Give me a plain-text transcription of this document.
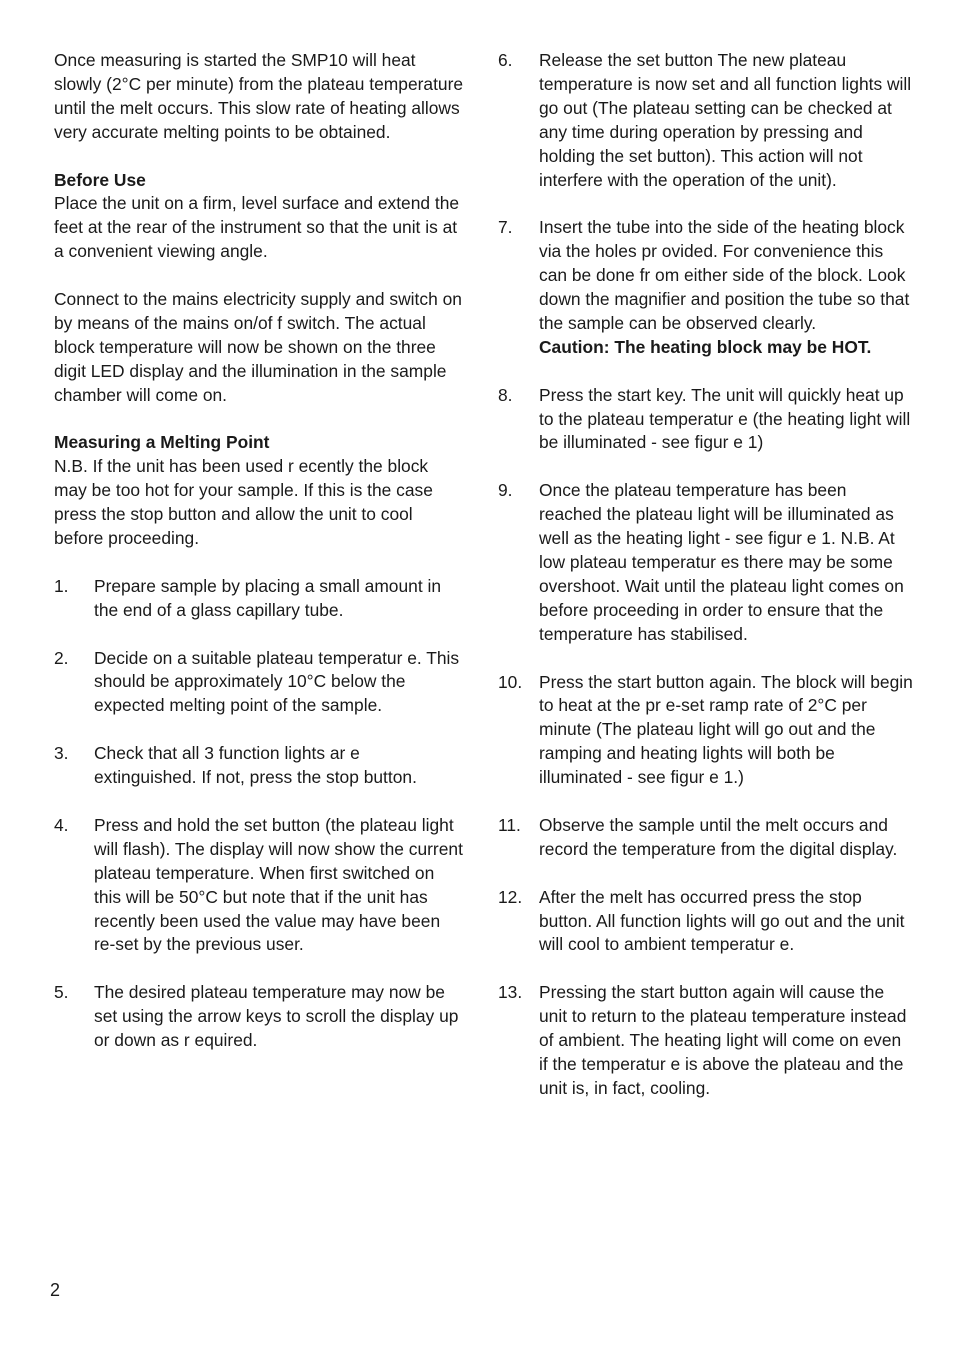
Once measuring is started the SMP10 will heat slowly (2°C per minute) from the plateau temperature until the melt occurs. This slow rate of heating allows very accurate melting points to be obtained.

Before Use

Place the unit on a firm, level surface and extend the feet at the rear of the instrument so that the unit is at a convenient viewing angle.

Connect to the mains electricity supply and switch on by means of the mains on/of f switch. The actual block temperature will now be shown on the three digit LED display and the illumination in the sample chamber will come on.

Measuring a Melting Point

N.B. If the unit has been used r ecently the block may be too hot for your sample. If this is the case press the stop button and allow the unit to cool before proceeding.

1.	Prepare sample by placing a small amount in the end of a glass capillary tube.
2.	Decide on a suitable plateau temperatur e. This should be approximately 10°C below the expected melting point of the sample.
3.	Check that all 3 function lights ar e extinguished. If not, press the stop button.
4.	Press and hold the set button (the plateau light will flash). The display will now show the current plateau temperature. When first switched on this will be 50°C but note that if the unit has recently been used the value may have been re-set by the previous user.
5.	The desired plateau temperature may now be set using the arrow keys to scroll the display up or down as r equired.
6.	Release the set button The new plateau temperature is now set and all function lights will go out (The plateau setting can be checked at any time during operation by pressing and holding the set button). This action will not interfere with the operation of the unit).
7.	Insert the tube into the side of the heating block via the holes pr ovided. For convenience this can be done fr om either side of the block. Look down the magnifier and position the tube so that the sample can be observed clearly.
Caution: The heating block may be HOT.
8.	Press the start key. The unit will quickly heat up to the plateau temperatur e (the heating light will be illuminated - see figur e 1)
9.	Once the plateau temperature has been reached the plateau light will be illuminated as well as the heating light - see figur e 1. N.B. At low plateau temperatur es there may be some overshoot. Wait until the plateau light comes on before proceeding in order to ensure that the temperature has stabilised.
10. Press the start button again. The block will begin to heat at the pr e-set ramp rate of 2°C per minute (The plateau light will go out and the ramping and heating lights will both be illuminated - see figur e 1.)
11.	Observe the sample until the melt occurs and record the temperature from the digital display.
12. After the melt has occurred press the stop button. All function lights will go out and the unit will cool to ambient temperatur e.
13. Pressing the start button again will cause the unit to return to the plateau temperature instead of ambient. The heating light will come on even if the temperatur e is above the plateau and the unit is, in fact, cooling.
2
